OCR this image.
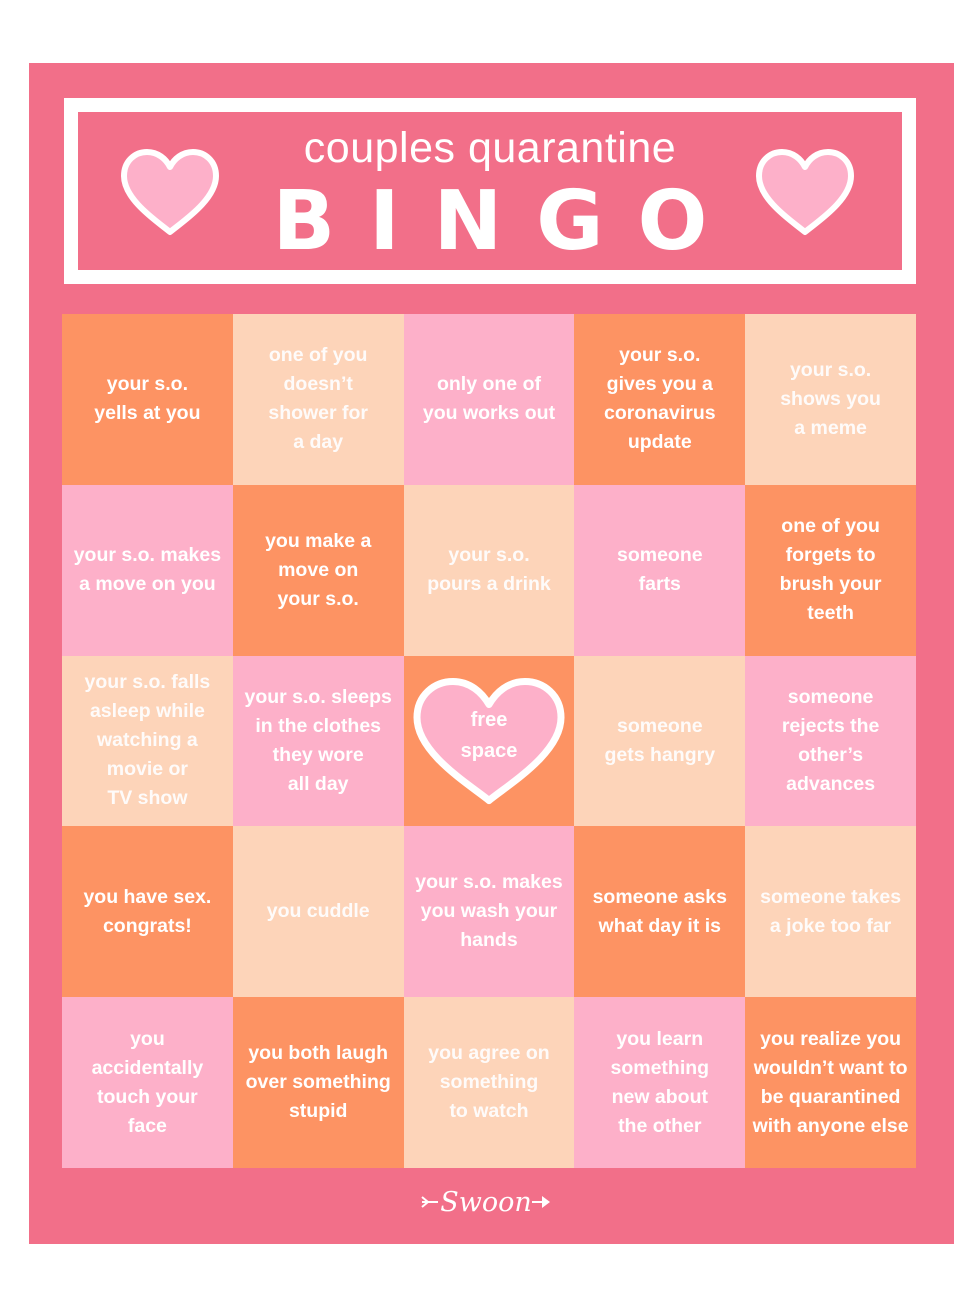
couples quarantine
BINGO
your s.o.
yells at you
one of you
doesn’t
shower for
a day
only one of
you works out
your s.o.
gives you a
coronavirus
update
your s.o.
shows you
a meme
your s.o. makes
a move on you
you make a
move on
your s.o.
your s.o.
pours a drink
someone
farts
one of you
forgets to
brush your
teeth
your s.o. falls
asleep while
watching a
movie or
TV show
your s.o. sleeps
in the clothes
they wore
all day
free
space
someone
gets hangry
someone
rejects the
other’s
advances
you have sex.
congrats!
you cuddle
your s.o. makes
you wash your
hands
someone asks
what day it is
someone takes
a joke too far
you
accidentally
touch your
face
you both laugh
over something
stupid
you agree on
something
to watch
you learn
something
new about
the other
you realize you
wouldn’t want to
be quarantined
with anyone else
Swoon
